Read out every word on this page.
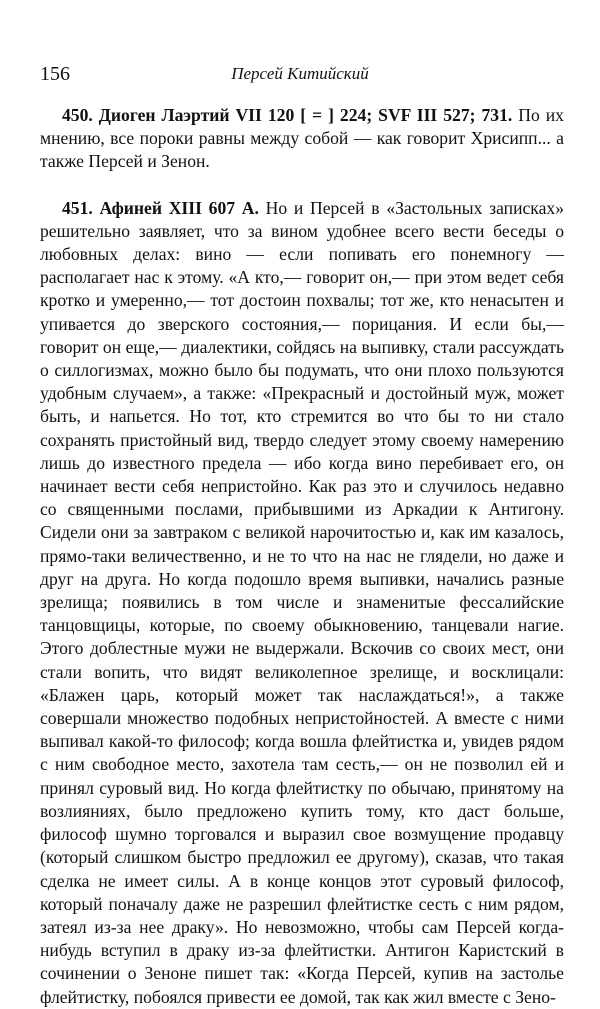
156	Персей Китийский

450. Диоген Лаэртий VII 120 [ = ] 224; SVF III 527; 731. По их мнению, все пороки равны между собой — как говорит Хрисипп... а также Персей и Зенон.

451. Афиней XIII 607 А. Но и Персей в «Застольных записках» решительно заявляет, что за вином удобнее всего вести беседы о любовных делах: вино — если попивать его понемногу — располагает нас к этому. «А кто,— говорит он,— при этом ведет себя кротко и умеренно,— тот достоин похвалы; тот же, кто ненасытен и упивается до зверского состояния,— порицания. И если бы,— говорит он еще,— диалектики, сойдясь на выпивку, стали рассуждать о силлогизмах, можно было бы подумать, что они плохо пользуются удобным случаем», а также: «Прекрасный и достойный муж, может быть, и напьется. Но тот, кто стремится во что бы то ни стало сохранять пристойный вид, твердо следует этому своему намерению лишь до известного предела — ибо когда вино перебивает его, он начинает вести себя непристойно. Как раз это и случилось недавно со священными послами, прибывшими из Аркадии к Антигону. Сидели они за завтраком с великой нарочитостью и, как им казалось, прямо-таки величественно, и не то что на нас не глядели, но даже и друг на друга. Но когда подошло время выпивки, начались разные зрелища; появились в том числе и знаменитые фессалийские танцовщицы, которые, по своему обыкновению, танцевали нагие. Этого доблестные мужи не выдержали. Вскочив со своих мест, они стали вопить, что видят великолепное зрелище, и восклицали: «Блажен царь, который может так наслаждаться!», а также совершали множество подобных непристойностей. А вместе с ними выпивал какой-то философ; когда вошла флейтистка и, увидев рядом с ним свободное место, захотела там сесть,— он не позволил ей и принял суровый вид. Но когда флейтистку по обычаю, принятому на возлияниях, было предложено купить тому, кто даст больше, философ шумно торговался и выразил свое возмущение продавцу (который слишком быстро предложил ее другому), сказав, что такая сделка не имеет силы. А в конце концов этот суровый философ, который поначалу даже не разрешил флейтистке сесть с ним рядом, затеял из-за нее драку». Но невозможно, чтобы сам Персей когда-нибудь вступил в драку из-за флейтистки. Антигон Каристский в сочинении о Зеноне пишет так: «Когда Персей, купив на застолье флейтистку, побоялся привести ее домой, так как жил вместе с Зено-
